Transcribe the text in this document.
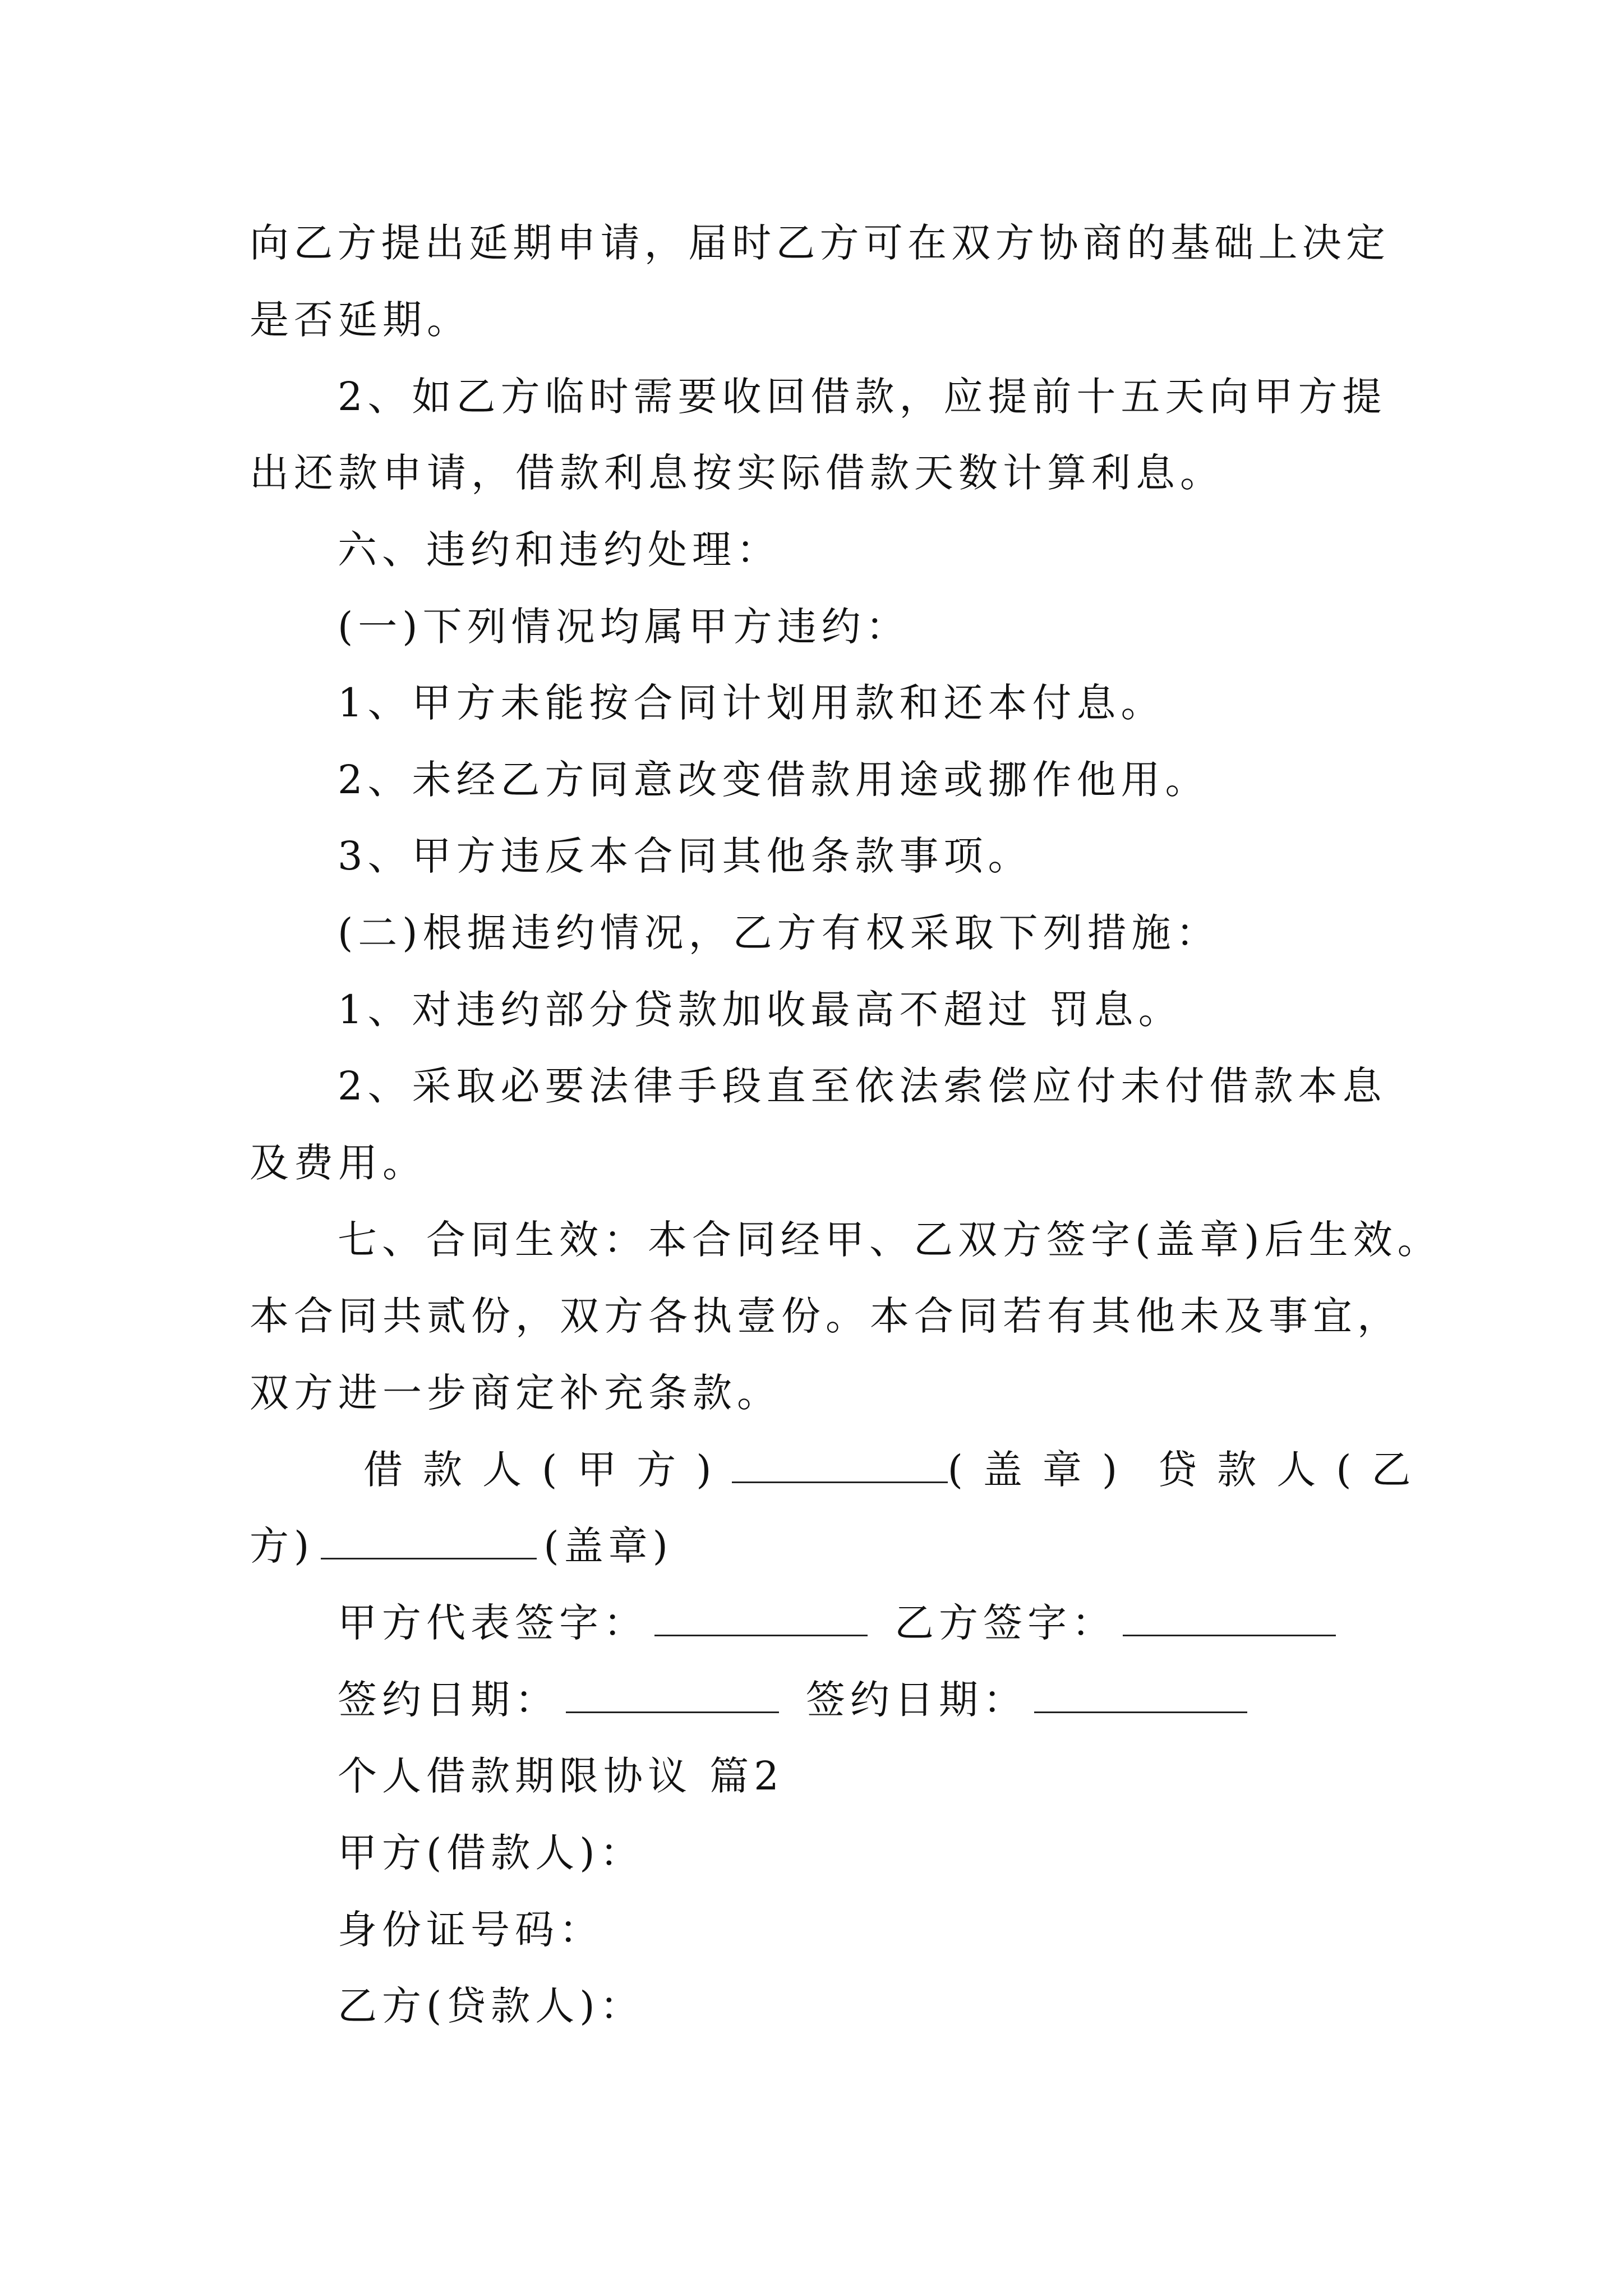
向乙方提出延期申请，届时乙方可在双方协商的基础上决定
是否延期。
2、如乙方临时需要收回借款，应提前十五天向甲方提
出还款申请，借款利息按实际借款天数计算利息。
六、违约和违约处理：
(一)下列情况均属甲方违约：
1、甲方未能按合同计划用款和还本付息。
2、未经乙方同意改变借款用途或挪作他用。
3、甲方违反本合同其他条款事项。
(二)根据违约情况，乙方有权采取下列措施：
1、对违约部分贷款加收最高不超过 罚息。
2、采取必要法律手段直至依法索偿应付未付借款本息
及费用。
七、合同生效：本合同经甲、乙双方签字(盖章)后生效。
本合同共贰份，双方各执壹份。本合同若有其他未及事宜，
双方进一步商定补充条款。
借款人(甲方)	(盖章) 贷款人(乙
方)	(盖章)
甲方代表签字：	乙方签字：
签约日期：	签约日期：
个人借款期限协议 篇2
甲方(借款人)：
身份证号码：
乙方(贷款人)：
